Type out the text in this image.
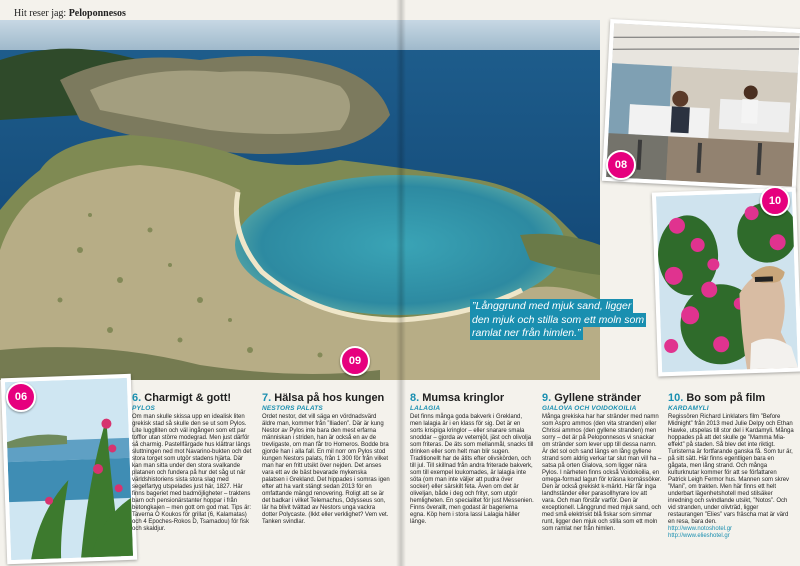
Hit reser jag: Peloponnesos
06
08
09
10
”Långgrund med mjuk sand, ligger den mjuk och stilla som ett moln som ramlat ner från himlen.”
6. Charmigt & gott!
PYLOS

Om man skulle skissa upp en idealisk liten grekisk stad så skulle den se ut som Pylos. Lite lugglliten och väl ingången som ett par tofflor utan större modegrad. Men just därför så charmig. Pastellfärgade hus klättrar längs sluttningen ned mot Navarino-bukten och det stora torget som utgör stadens hjärta. Där kan man sitta under den stora svalkande platanen och fundera på hur det såg ut när världshistoriens sista stora slag med segelfartyg utspelades just här, 1827. Här finns bageriet med badmöjligheter – traktens barn och pensionärstanter hoppar i från betongkajen – men gott om god mat. Tips är: Taverna O Koukos för grillat (6, Kalamatas) och 4 Epoches-Rokos D, Tsamadou) för fisk och skaldjur.

7. Hälsa på hos kungen
NESTORS PALATS

Ordet nestor, det vill säga en vördnadsvärd äldre man, kommer från ”Iliaden”. Där är kung Nestor av Pylos inte bara den mest erfarna människan i striden, han är också en av de trevligaste, om man får tro Homeros. Bodde bra gjorde han i alla fall. En mil norr om Pylos stod kungen Nestors palats, från 1 300 för från vilket man har en fritt utsikt över nejden. Det anses vara ett av de bäst bevarade mykenska palatsen i Grekland. Det hippades i somras igen efter att ha varit stängt sedan 2013 för en omfattande mängd renovering. Roligt att se är det badkar i vilket Telemachus, Odysseus son, lär ha blivit tvättad av Nestors unga vackra dotter Polycaste. (Ikkt eller verklighet? Vem vet. Tanken svindlar.

8. Mumsa kringlor
LALAGIA

Det finns många goda bakverk i Grekland, men lalagia är i en klass för sig. Det är en sorts krispiga kringlor – eller snarare smala snoddar – gjorda av vetemjöl, jäst och olivolja som friteras. De äts som mellanmål, snacks till drinken eller som helt man blir sugen. Traditionellt har de ätits efter olivskörden, och till jul. Till skillnad från andra friterade bakverk, som till exempel loukomades, är lalagia inte söta (om man inte väljer att pudra över socker) eller särskilt feta. Även om det är oliveljan, både i deg och frityr, som utgör hemligheten. En specialitet för just Messenien. Finns överallt, men godast är bagerierna egna. Köp hem i stora lassi Lalagia häller länge.

9. Gyllene stränder
GIALOVA OCH VOIDOKOILIA

Många grekiska har har stränder med namn som Aspro ammos (den vita stranden) eller Chrissi ammos (den gyllene stranden) men sorry – det är på Peloponnesos vi snackar om stränder som lever upp till dessa namn. Är det sol och sand längs en lång gyllene strand som aldrig verkar tar slut man vill ha – satsa på orten Gialova, som ligger nära Pylos. I närheten finns också Voidokoilia, en omega-formad lagun för kräsna kornässöker. Den är också grekiskt k-märkt. Här får inga landhständer eller parasollhyrare lov att vara. Och man förstår varför. Den är exceptionell. Långgrund med mjuk sand, och med små elektriskt blå fiskar som simmar runt, ligger den mjuk och stilla som ett moln som ramlat ner från himlen.

10. Bo som på film
KARDAMYLI

Regissören Richard Linklaters film ”Before Midnight” från 2013 med Julie Delpy och Ethan Hawke, utspelas till stor del i Kardamyli. Många hoppades på att det skulle ge ”Mamma Mia-effekt” på staden. Så blev det inte riktigt. Turisterna är fortfarande ganska få. Som tur är, på sitt sätt. Här finns egentligen bara en gågata, men lång strand. Och många kulturknutar kommer för att se författaren Patrick Leigh Fermor hus. Mannen som skrev ”Mani”, om trakten. Men här finns ett helt underbart lägenhetshotell med stilsäker inredning och svindlande utsikt, ”Notos”. Och vid stranden, under olivträd, ligger restaurangen ”Elies” vars fräscha mat är värd en resa, bara den.

http://www.notoshotel.gr

http://www.elieshotel.gr
